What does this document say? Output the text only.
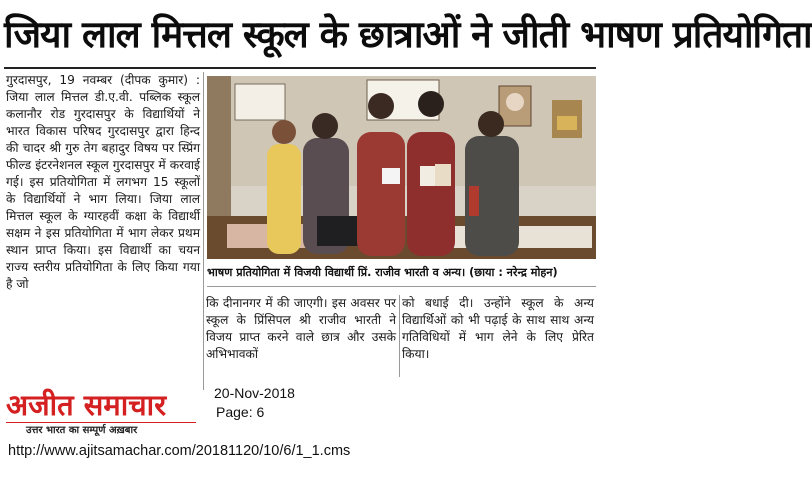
जिया लाल मित्तल स्कूल के छात्राओं ने जीती भाषण प्रतियोगिता

गुरदासपुर, 19 नवम्बर (दीपक कुमार) : जिया लाल मित्तल डी.ए.वी. पब्लिक स्कूल कलानौर रोड गुरदासपुर के विद्यार्थियों ने भारत विकास परिषद गुरदासपुर द्वारा हिन्द की चादर श्री गुरु तेग बहादुर विषय पर स्प्रिंग फील्ड इंटरनेशनल स्कूल गुरदासपुर में करवाई गई। इस प्रतियोगिता में लगभग 15 स्कूलों के विद्यार्थियों ने भाग लिया। जिया लाल मित्तल स्कूल के ग्यारहवीं कक्षा के विद्यार्थी सक्षम ने इस प्रतियोगिता में भाग लेकर प्रथम स्थान प्राप्त किया। इस विद्यार्थी का चयन राज्य स्तरीय प्रतियोगिता के लिए किया गया है जो

भाषण प्रतियोगिता में विजयी विद्यार्थी प्रिं. राजीव भारती व अन्य। (छाया : नरेन्द्र मोहन)

कि दीनानगर में की जाएगी। इस अवसर पर स्कूल के प्रिंसिपल श्री राजीव भारती ने विजय प्राप्त करने वाले छात्र और उसके अभिभावकों

को बधाई दी। उन्होंने स्कूल के अन्य विद्यार्थिओं को भी पढ़ाई के साथ साथ अन्य गतिविधियों में भाग लेने के लिए प्रेरित किया।

अजीत समाचार
उत्तर भारत का सम्पूर्ण अख़बार
20-Nov-2018
Page: 6
http://www.ajitsamachar.com/20181120/10/6/1_1.cms
